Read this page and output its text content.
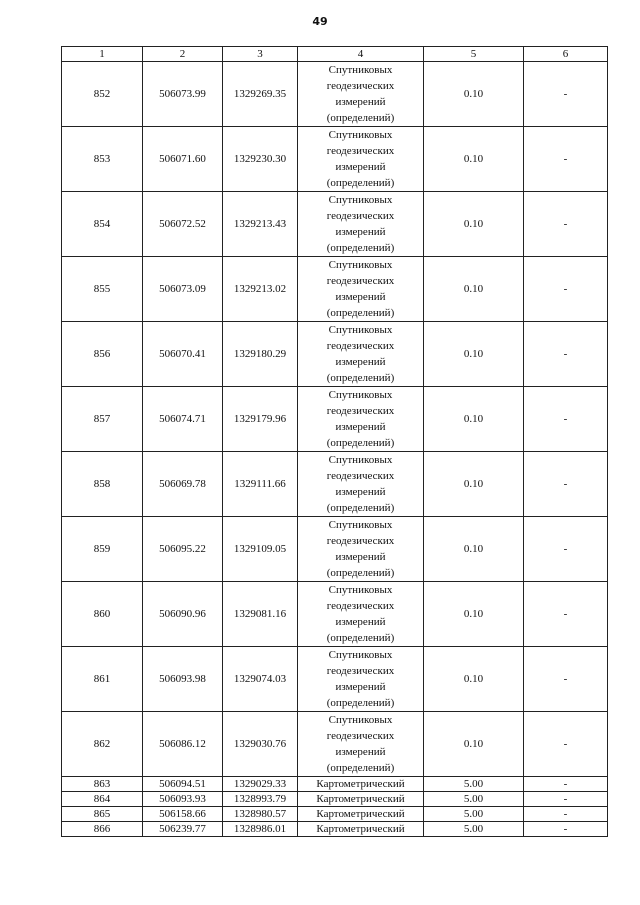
49
1	2	3	4	5	6
852	506073.99	1329269.35	Спутниковых
геодезических
измерений
(определений)	0.10	-
853	506071.60	1329230.30	Спутниковых
геодезических
измерений
(определений)	0.10	-
854	506072.52	1329213.43	Спутниковых
геодезических
измерений
(определений)	0.10	-
855	506073.09	1329213.02	Спутниковых
геодезических
измерений
(определений)	0.10	-
856	506070.41	1329180.29	Спутниковых
геодезических
измерений
(определений)	0.10	-
857	506074.71	1329179.96	Спутниковых
геодезических
измерений
(определений)	0.10	-
858	506069.78	1329111.66	Спутниковых
геодезических
измерений
(определений)	0.10	-
859	506095.22	1329109.05	Спутниковых
геодезических
измерений
(определений)	0.10	-
860	506090.96	1329081.16	Спутниковых
геодезических
измерений
(определений)	0.10	-
861	506093.98	1329074.03	Спутниковых
геодезических
измерений
(определений)	0.10	-
862	506086.12	1329030.76	Спутниковых
геодезических
измерений
(определений)	0.10	-
863	506094.51	1329029.33	Картометрический	5.00	-
864	506093.93	1328993.79	Картометрический	5.00	-
865	506158.66	1328980.57	Картометрический	5.00	-
866	506239.77	1328986.01	Картометрический	5.00	-
